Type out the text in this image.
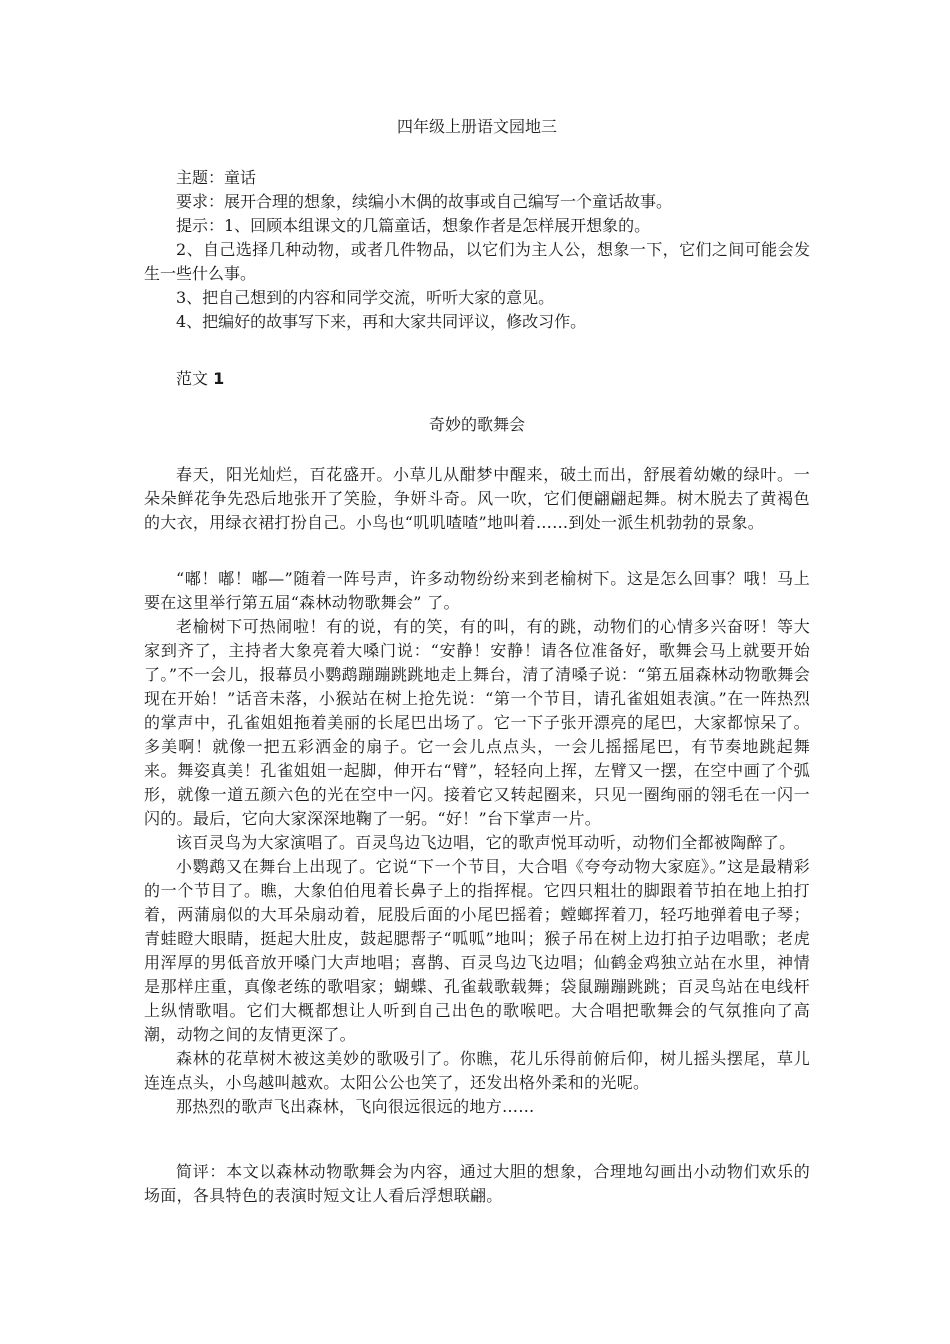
四年级上册语文园地三

主题：童话

要求：展开合理的想象，续编小木偶的故事或自己编写一个童话故事。

提示：1、回顾本组课文的几篇童话，想象作者是怎样展开想象的。

2、自己选择几种动物，或者几件物品，以它们为主人公，想象一下，它们之间可能会发生一些什么事。

3、把自己想到的内容和同学交流，听听大家的意见。

4、把编好的故事写下来，再和大家共同评议，修改习作。

范文 1

奇妙的歌舞会

春天，阳光灿烂，百花盛开。小草儿从酣梦中醒来，破土而出，舒展着幼嫩的绿叶。一朵朵鲜花争先恐后地张开了笑脸，争妍斗奇。风一吹，它们便翩翩起舞。树木脱去了黄褐色的大衣，用绿衣裙打扮自己。小鸟也“叽叽喳喳”地叫着……到处一派生机勃勃的景象。

“嘟！嘟！嘟—”随着一阵号声，许多动物纷纷来到老榆树下。这是怎么回事？哦！马上要在这里举行第五届“森林动物歌舞会” 了。

老榆树下可热闹啦！有的说，有的笑，有的叫，有的跳，动物们的心情多兴奋呀！等大家到齐了，主持者大象亮着大嗓门说：“安静！安静！请各位准备好，歌舞会马上就要开始了。”不一会儿，报幕员小鹦鹉蹦蹦跳跳地走上舞台，清了清嗓子说：“第五届森林动物歌舞会现在开始！”话音未落，小猴站在树上抢先说：“第一个节目，请孔雀姐姐表演。”在一阵热烈的掌声中，孔雀姐姐拖着美丽的长尾巴出场了。它一下子张开漂亮的尾巴，大家都惊呆了。多美啊！就像一把五彩洒金的扇子。它一会儿点点头，一会儿摇摇尾巴，有节奏地跳起舞来。舞姿真美！孔雀姐姐一起脚，伸开右“臂”，轻轻向上挥，左臂又一摆，在空中画了个弧形，就像一道五颜六色的光在空中一闪。接着它又转起圈来，只见一圈绚丽的翎毛在一闪一闪的。最后，它向大家深深地鞠了一躬。“好！”台下掌声一片。

该百灵鸟为大家演唱了。百灵鸟边飞边唱，它的歌声悦耳动听，动物们全都被陶醉了。

小鹦鹉又在舞台上出现了。它说“下一个节目，大合唱《夸夸动物大家庭》。”这是最精彩的一个节目了。瞧，大象伯伯甩着长鼻子上的指挥棍。它四只粗壮的脚跟着节拍在地上拍打着，两蒲扇似的大耳朵扇动着，屁股后面的小尾巴摇着；螳螂挥着刀，轻巧地弹着电子琴；青蛙瞪大眼睛，挺起大肚皮，鼓起腮帮子“呱呱”地叫；猴子吊在树上边打拍子边唱歌；老虎用浑厚的男低音放开嗓门大声地唱；喜鹊、百灵鸟边飞边唱；仙鹤金鸡独立站在水里，神情是那样庄重，真像老练的歌唱家；蝴蝶、孔雀载歌载舞；袋鼠蹦蹦跳跳；百灵鸟站在电线杆上纵情歌唱。它们大概都想让人听到自己出色的歌喉吧。大合唱把歌舞会的气氛推向了高潮，动物之间的友情更深了。

森林的花草树木被这美妙的歌吸引了。你瞧，花儿乐得前俯后仰，树儿摇头摆尾，草儿连连点头，小鸟越叫越欢。太阳公公也笑了，还发出格外柔和的光呢。

那热烈的歌声飞出森林，飞向很远很远的地方……

简评：本文以森林动物歌舞会为内容，通过大胆的想象，合理地勾画出小动物们欢乐的场面，各具特色的表演时短文让人看后浮想联翩。
